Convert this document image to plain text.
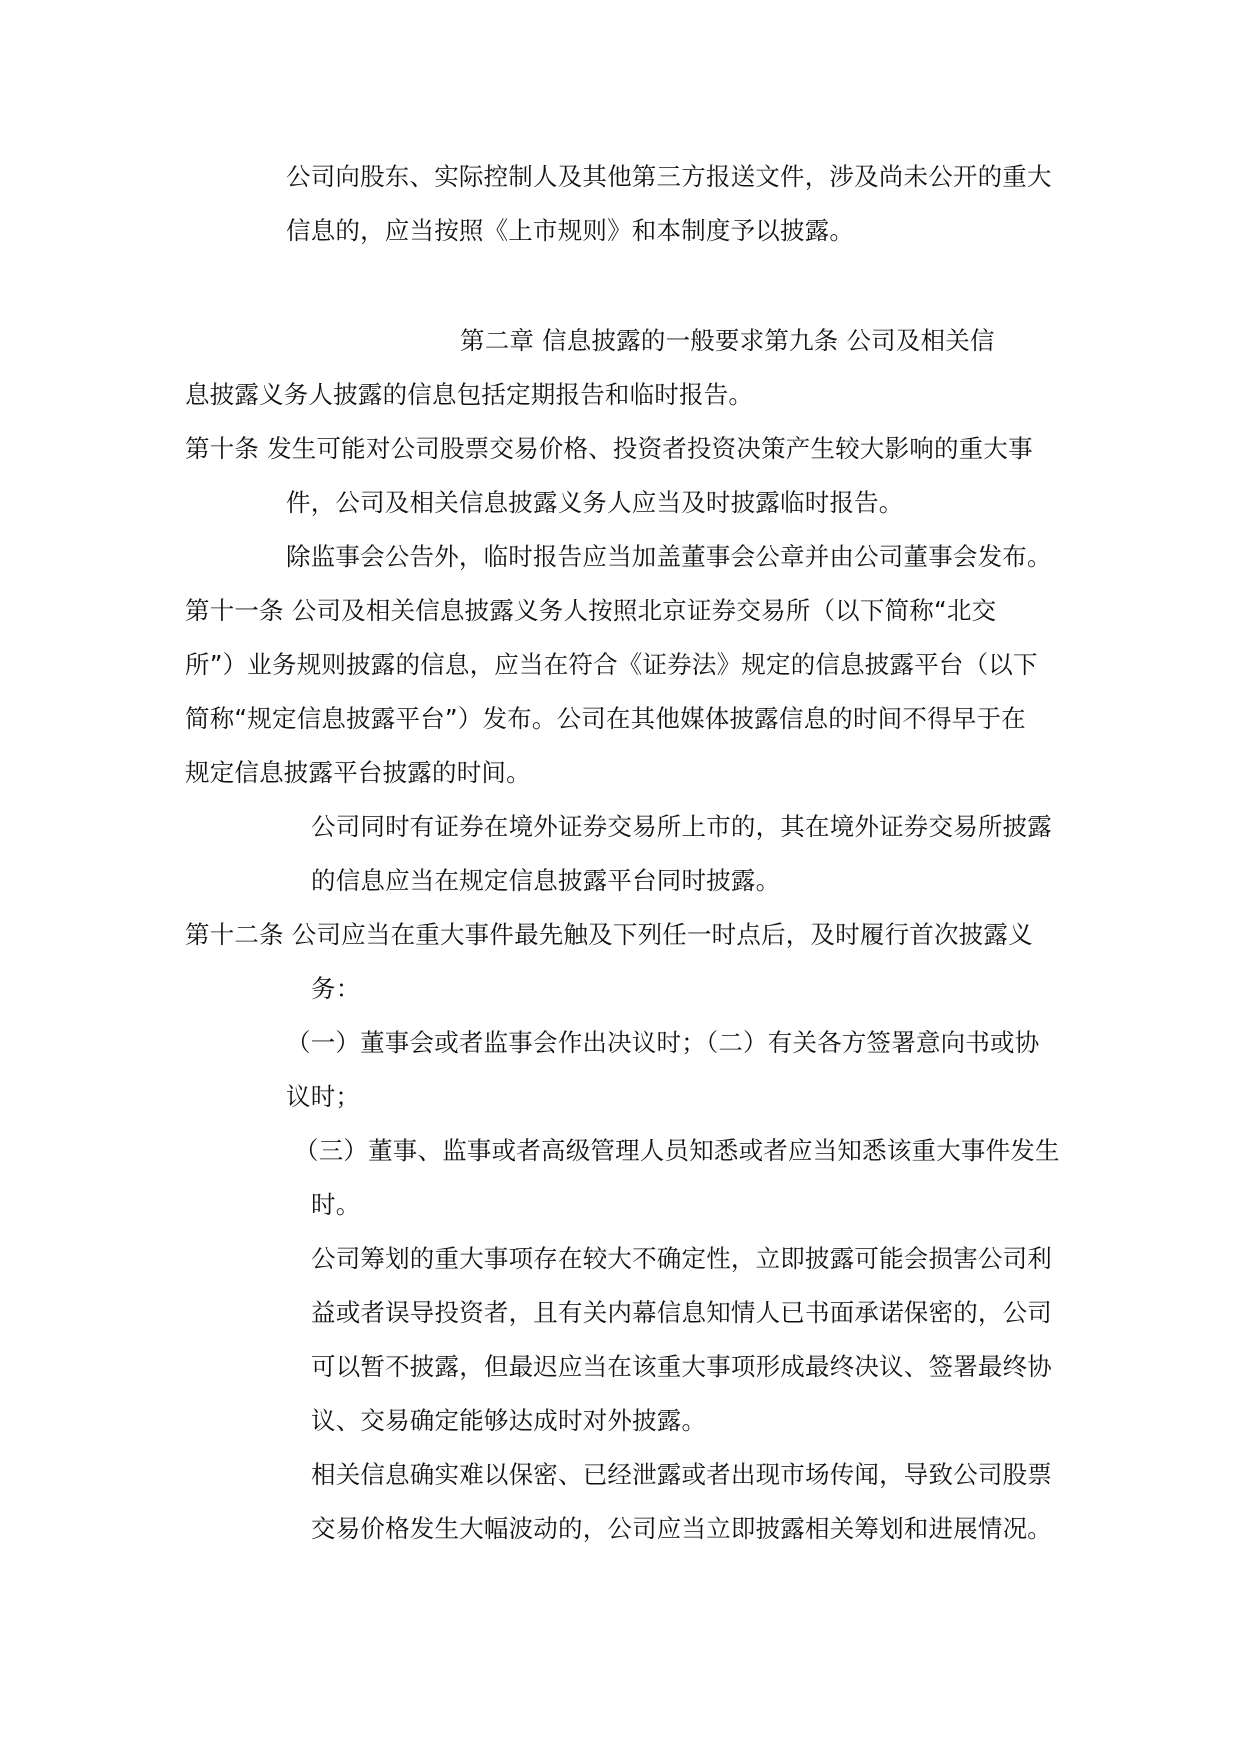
公司向股东、实际控制人及其他第三方报送文件，涉及尚未公开的重大
信息的，应当按照《上市规则》和本制度予以披露。
第二章 信息披露的一般要求第九条 公司及相关信
息披露义务人披露的信息包括定期报告和临时报告。
第十条 发生可能对公司股票交易价格、投资者投资决策产生较大影响的重大事
件，公司及相关信息披露义务人应当及时披露临时报告。
除监事会公告外，临时报告应当加盖董事会公章并由公司董事会发布。
第十一条 公司及相关信息披露义务人按照北京证券交易所（以下简称“北交
所”）业务规则披露的信息，应当在符合《证券法》规定的信息披露平台（以下
简称“规定信息披露平台”）发布。公司在其他媒体披露信息的时间不得早于在
规定信息披露平台披露的时间。
公司同时有证券在境外证券交易所上市的，其在境外证券交易所披露
的信息应当在规定信息披露平台同时披露。
第十二条 公司应当在重大事件最先触及下列任一时点后，及时履行首次披露义
务：
（一）董事会或者监事会作出决议时；（二）有关各方签署意向书或协
议时；
（三）董事、监事或者高级管理人员知悉或者应当知悉该重大事件发生
时。
公司筹划的重大事项存在较大不确定性，立即披露可能会损害公司利
益或者误导投资者，且有关内幕信息知情人已书面承诺保密的，公司
可以暂不披露，但最迟应当在该重大事项形成最终决议、签署最终协
议、交易确定能够达成时对外披露。
相关信息确实难以保密、已经泄露或者出现市场传闻，导致公司股票
交易价格发生大幅波动的，公司应当立即披露相关筹划和进展情况。
